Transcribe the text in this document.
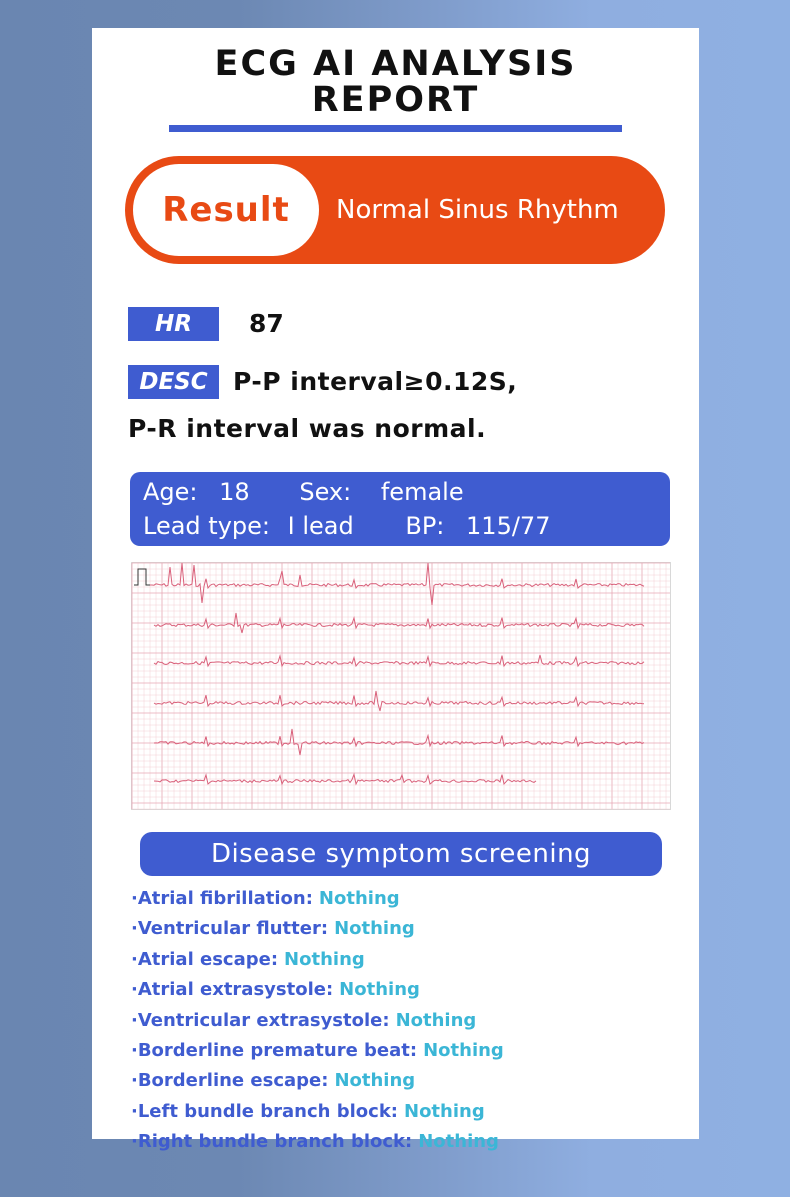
ECG AI ANALYSIS
REPORT
Result	Normal Sinus Rhythm
HR	87
DESC	P-P interval≥0.12S,
P-R interval was normal.
Age: 18 Sex: female
Lead type: I lead BP: 115/77
Disease symptom screening
·Atrial fibrillation: Nothing
·Ventricular flutter: Nothing
·Atrial escape: Nothing
·Atrial extrasystole: Nothing
·Ventricular extrasystole: Nothing
·Borderline premature beat: Nothing
·Borderline escape: Nothing
·Left bundle branch block: Nothing
·Right bundle branch block: Nothing
